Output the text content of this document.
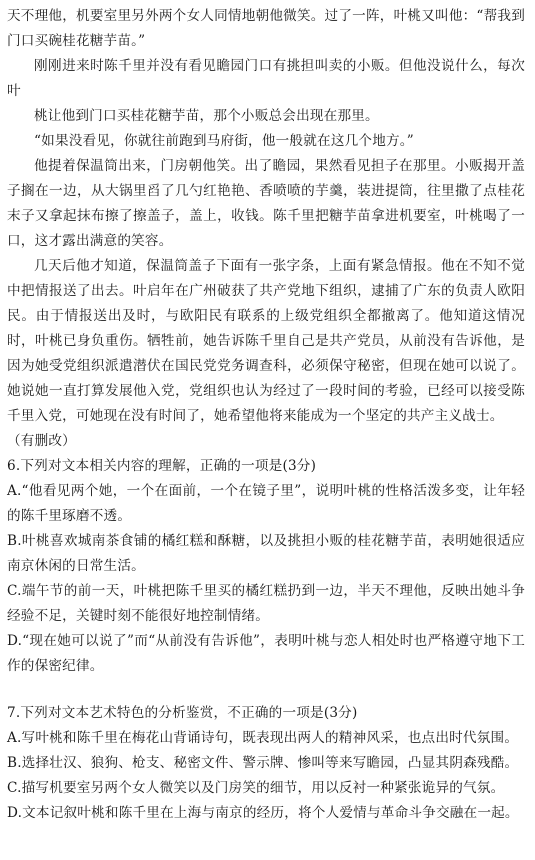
天不理他，机要室里另外两个女人同情地朝他微笑。过了一阵，叶桃又叫他：“帮我到门口买碗桂花糖芋苗。”

刚刚进来时陈千里并没有看见瞻园门口有挑担叫卖的小贩。但他没说什么，每次叶

桃让他到门口买桂花糖芋苗，那个小贩总会出现在那里。

“如果没看见，你就往前跑到马府街，他一般就在这几个地方。”

他提着保温筒出来，门房朝他笑。出了瞻园，果然看见担子在那里。小贩揭开盖子搁在一边，从大锅里舀了几勺红艳艳、香喷喷的芋羹，装进提筒，往里撒了点桂花末子又拿起抹布擦了擦盖子，盖上，收钱。陈千里把糖芋苗拿进机要室，叶桃喝了一口，这才露出满意的笑容。

几天后他才知道，保温筒盖子下面有一张字条，上面有紧急情报。他在不知不觉中把情报送了出去。叶启年在广州破获了共产党地下组织，逮捕了广东的负责人欧阳民。由于情报送出及时，与欧阳民有联系的上级党组织全都撤离了。他知道这情况时，叶桃已身负重伤。牺牲前，她告诉陈千里自己是共产党员，从前没有告诉他，是因为她受党组织派遣潜伏在国民党党务调查科，必须保守秘密，但现在她可以说了。她说她一直打算发展他入党，党组织也认为经过了一段时间的考验，已经可以接受陈千里入党，可她现在没有时间了，她希望他将来能成为一个坚定的共产主义战士。

（有删改）

6.下列对文本相关内容的理解，正确的一项是(3分)

A.“他看见两个她，一个在面前，一个在镜子里”，说明叶桃的性格活泼多变，让年轻的陈千里琢磨不透。

B.叶桃喜欢城南茶食铺的橘红糕和酥糖，以及挑担小贩的桂花糖芋苗，表明她很适应南京休闲的日常生活。

C.端午节的前一天，叶桃把陈千里买的橘红糕扔到一边，半天不理他，反映出她斗争经验不足，关键时刻不能很好地控制情绪。

D.“现在她可以说了”而“从前没有告诉他”，表明叶桃与恋人相处时也严格遵守地下工作的保密纪律。

7.下列对文本艺术特色的分析鉴赏，不正确的一项是(3分)

A.写叶桃和陈千里在梅花山背诵诗句，既表现出两人的精神风采，也点出时代氛围。

B.选择壮汉、狼狗、枪支、秘密文件、警示牌、惨叫等来写瞻园，凸显其阴森残酷。

C.描写机要室另两个女人微笑以及门房笑的细节，用以反衬一种紧张诡异的气氛。

D.文本记叙叶桃和陈千里在上海与南京的经历，将个人爱情与革命斗争交融在一起。
